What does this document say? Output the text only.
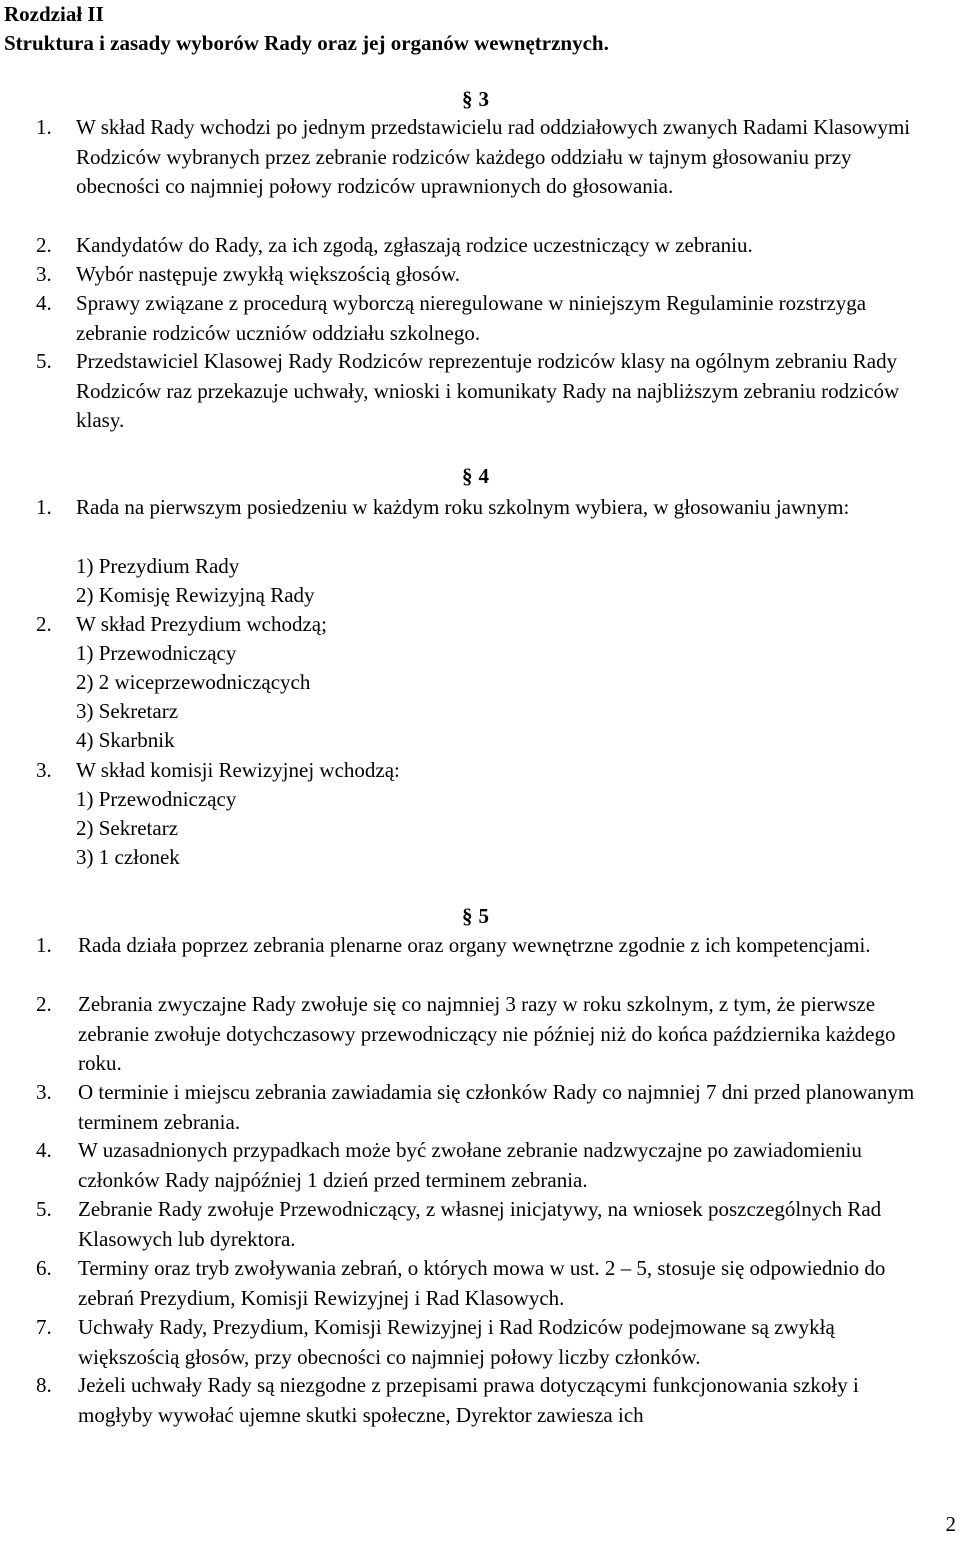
Rozdział II
Struktura i zasady wyborów Rady oraz jej organów wewnętrznych.
§ 3
1.	W skład Rady wchodzi po jednym przedstawicielu rad oddziałowych zwanych Radami Klasowymi Rodziców wybranych przez zebranie rodziców każdego oddziału w tajnym głosowaniu przy obecności co najmniej połowy rodziców uprawnionych do głosowania.
2.	Kandydatów do Rady, za ich zgodą, zgłaszają rodzice uczestniczący w zebraniu.
3.	Wybór następuje zwykłą większością głosów.
4.	Sprawy związane z procedurą wyborczą nieregulowane w niniejszym Regulaminie rozstrzyga zebranie rodziców uczniów oddziału szkolnego.
5.	Przedstawiciel Klasowej Rady Rodziców reprezentuje rodziców klasy na ogólnym zebraniu Rady Rodziców raz przekazuje uchwały, wnioski i komunikaty Rady na najbliższym zebraniu rodziców klasy.
§ 4
1.	Rada na pierwszym posiedzeniu w każdym roku szkolnym wybiera, w głosowaniu jawnym:
1) Prezydium Rady
2) Komisję Rewizyjną Rady
2.	W skład Prezydium wchodzą;
1) Przewodniczący
2) 2 wiceprzewodniczących
3) Sekretarz
4) Skarbnik
3.	W skład komisji Rewizyjnej wchodzą:
1) Przewodniczący
2) Sekretarz
3) 1 członek
§ 5
1.	Rada działa poprzez zebrania plenarne oraz organy wewnętrzne zgodnie z ich kompetencjami.
2.	Zebrania zwyczajne Rady zwołuje się co najmniej 3 razy w roku szkolnym, z tym, że pierwsze zebranie zwołuje dotychczasowy przewodniczący nie później niż do końca października każdego roku.
3.	O terminie i miejscu zebrania zawiadamia się członków Rady co najmniej 7 dni przed planowanym terminem zebrania.
4.	W uzasadnionych przypadkach może być zwołane zebranie nadzwyczajne po zawiadomieniu członków Rady najpóźniej 1 dzień przed terminem zebrania.
5.	Zebranie Rady zwołuje Przewodniczący, z własnej inicjatywy, na wniosek poszczególnych Rad Klasowych lub dyrektora.
6.	Terminy oraz tryb zwoływania zebrań, o których mowa w ust. 2 – 5, stosuje się odpowiednio do zebrań Prezydium, Komisji Rewizyjnej i Rad Klasowych.
7.	Uchwały Rady, Prezydium, Komisji Rewizyjnej i Rad Rodziców podejmowane są zwykłą większością głosów, przy obecności co najmniej połowy liczby członków.
8.	Jeżeli uchwały Rady są niezgodne z przepisami prawa dotyczącymi funkcjonowania szkoły i mogłyby wywołać ujemne skutki społeczne, Dyrektor zawiesza ich
2
